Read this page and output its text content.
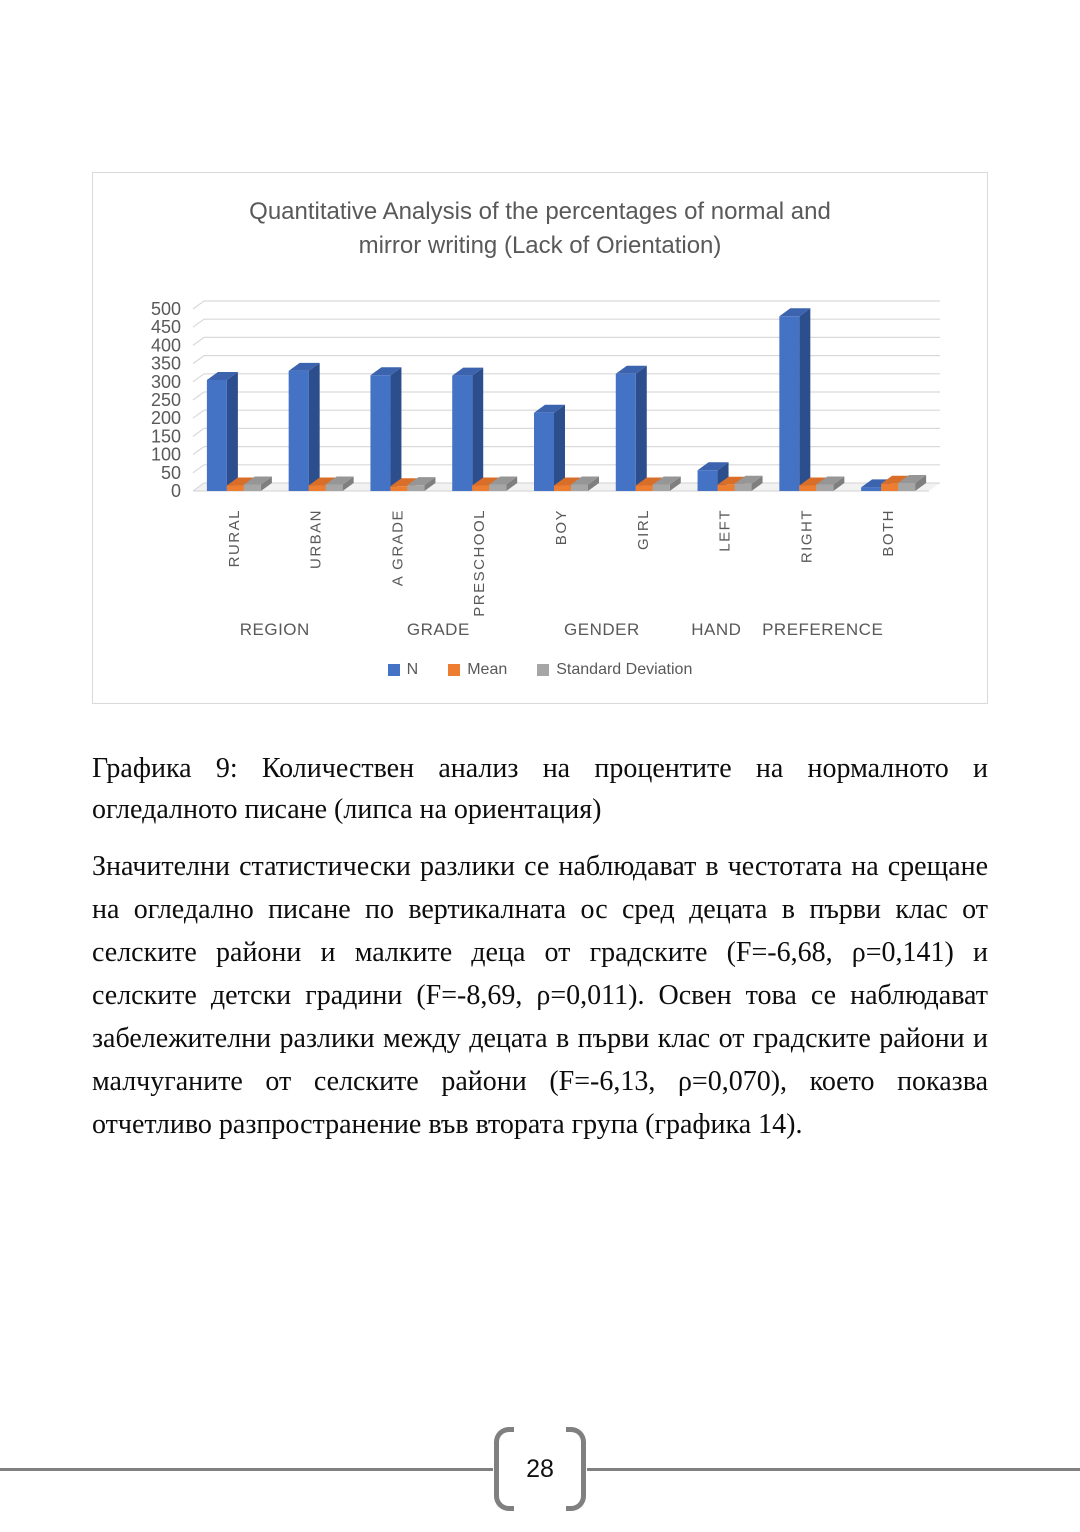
Quantitative Analysis of the percentages of normal and
mirror writing (Lack of Orientation)
0
50
100
150
200
250
300
350
400
450
500
RURAL	URBAN	A GRADE	PRESCHOOL	BOY	GIRL	LEFT	RIGHT	BOTH
REGION	GRADE	GENDER	HAND PREFERENCE
N	Mean	Standard Deviation

Графика 9: Количествен анализ на процентите на нормалното и огледалното писане (липса на ориентация)

Значителни статистически разлики се наблюдават в честотата на срещане на огледално писане по вертикалната ос сред децата в първи клас от селските райони и малките деца от градските (F=-6,68, ρ=0,141) и селските детски градини (F=-8,69, ρ=0,011). Освен това се наблюдават забележителни разлики между децата в първи клас от градските райони и малчуганите от селските райони (F=-6,13, ρ=0,070), което показва отчетливо разпространение във втората група (графика 14).

28
